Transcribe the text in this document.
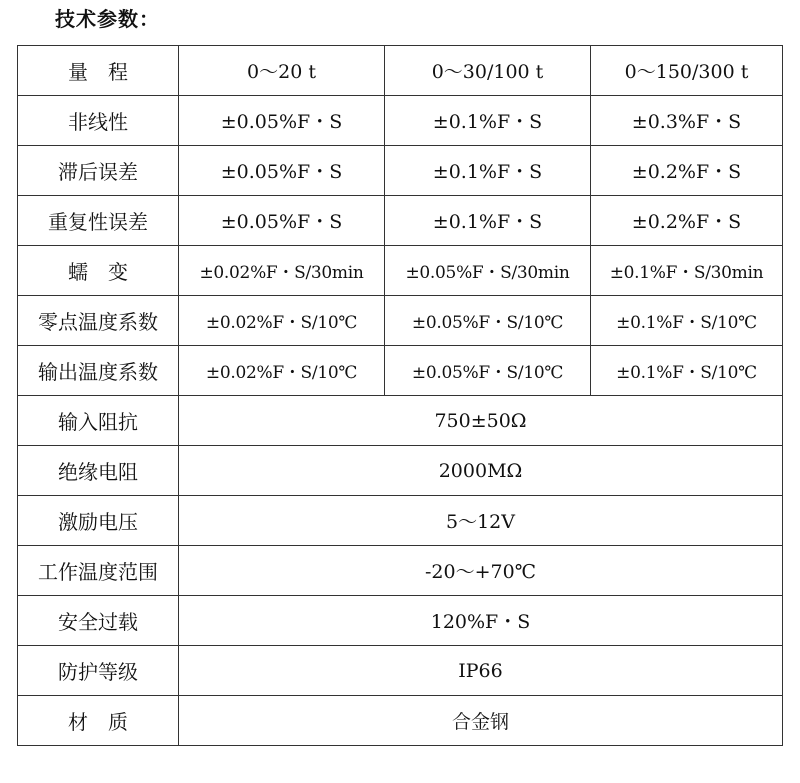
技术参数：
量　程	0～20 t	0～30/100 t	0～150/300 t
非线性	±0.05%F・S	±0.1%F・S	±0.3%F・S
滞后误差	±0.05%F・S	±0.1%F・S	±0.2%F・S
重复性误差	±0.05%F・S	±0.1%F・S	±0.2%F・S
蠕　变	±0.02%F・S/30min	±0.05%F・S/30min	±0.1%F・S/30min
零点温度系数	±0.02%F・S/10℃	±0.05%F・S/10℃	±0.1%F・S/10℃
输出温度系数	±0.02%F・S/10℃	±0.05%F・S/10℃	±0.1%F・S/10℃
输入阻抗	750±50Ω		
绝缘电阻	2000MΩ		
激励电压	5～12V		
工作温度范围	-20～+70℃		
安全过载	120%F・S		
防护等级	IP66		
材　质	合金钢		
